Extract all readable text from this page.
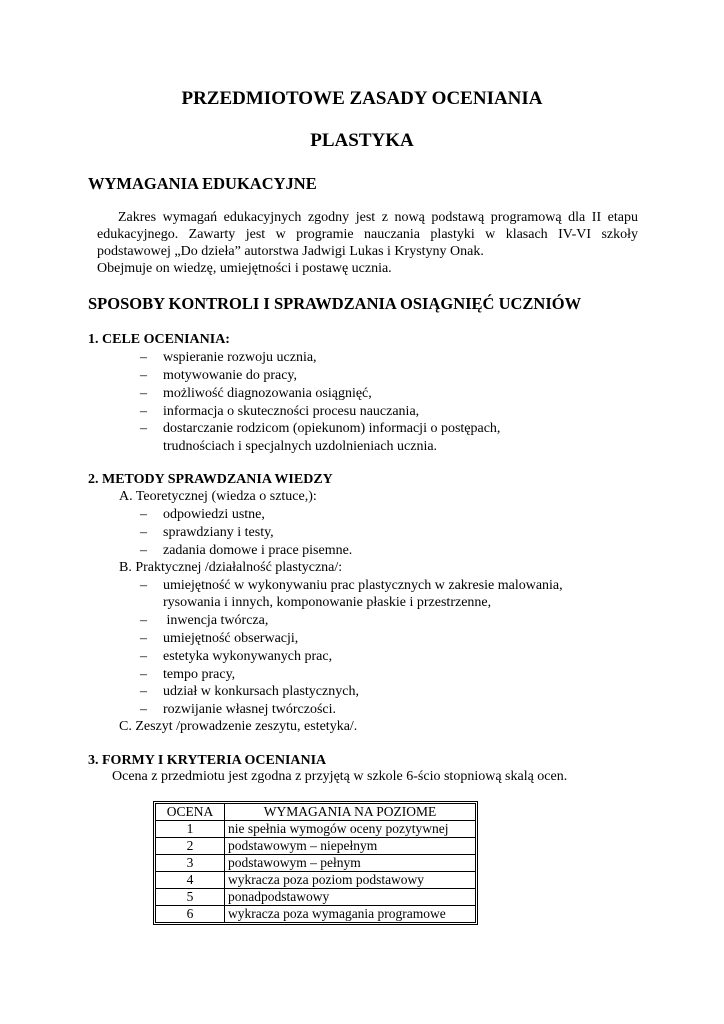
PRZEDMIOTOWE ZASADY OCENIANIA
PLASTYKA
WYMAGANIA EDUKACYJNE
Zakres wymagań edukacyjnych zgodny jest z nową podstawą programową dla II etapu
edukacyjnego. Zawarty jest w programie nauczania plastyki w klasach IV-VI szkoły
podstawowej „Do dzieła” autorstwa Jadwigi Lukas i Krystyny Onak.
Obejmuje on wiedzę, umiejętności i postawę ucznia.
SPOSOBY KONTROLI I SPRAWDZANIA OSIĄGNIĘĆ UCZNIÓW
1. CELE OCENIANIA:
– wspieranie rozwoju ucznia,
– motywowanie do pracy,
– możliwość diagnozowania osiągnięć,
– informacja o skuteczności procesu nauczania,
– dostarczanie rodzicom (opiekunom) informacji o postępach,
trudnościach i specjalnych uzdolnieniach ucznia.
2. METODY SPRAWDZANIA WIEDZY
A. Teoretycznej (wiedza o sztuce,):
– odpowiedzi ustne,
– sprawdziany i testy,
– zadania domowe i prace pisemne.
B. Praktycznej /działalność plastyczna/:
– umiejętność w wykonywaniu prac plastycznych w zakresie malowania,
rysowania i innych, komponowanie płaskie i przestrzenne,
– inwencja twórcza,
– umiejętność obserwacji,
– estetyka wykonywanych prac,
– tempo pracy,
– udział w konkursach plastycznych,
– rozwijanie własnej twórczości.
C. Zeszyt /prowadzenie zeszytu, estetyka/.
3. FORMY I KRYTERIA OCENIANIA
Ocena z przedmiotu jest zgodna z przyjętą w szkole 6-ścio stopniową skalą ocen.
OCENA	WYMAGANIA NA POZIOME
1	nie spełnia wymogów oceny pozytywnej
2	podstawowym – niepełnym
3	podstawowym – pełnym
4	wykracza poza poziom podstawowy
5	ponadpodstawowy
6	wykracza poza wymagania programowe
